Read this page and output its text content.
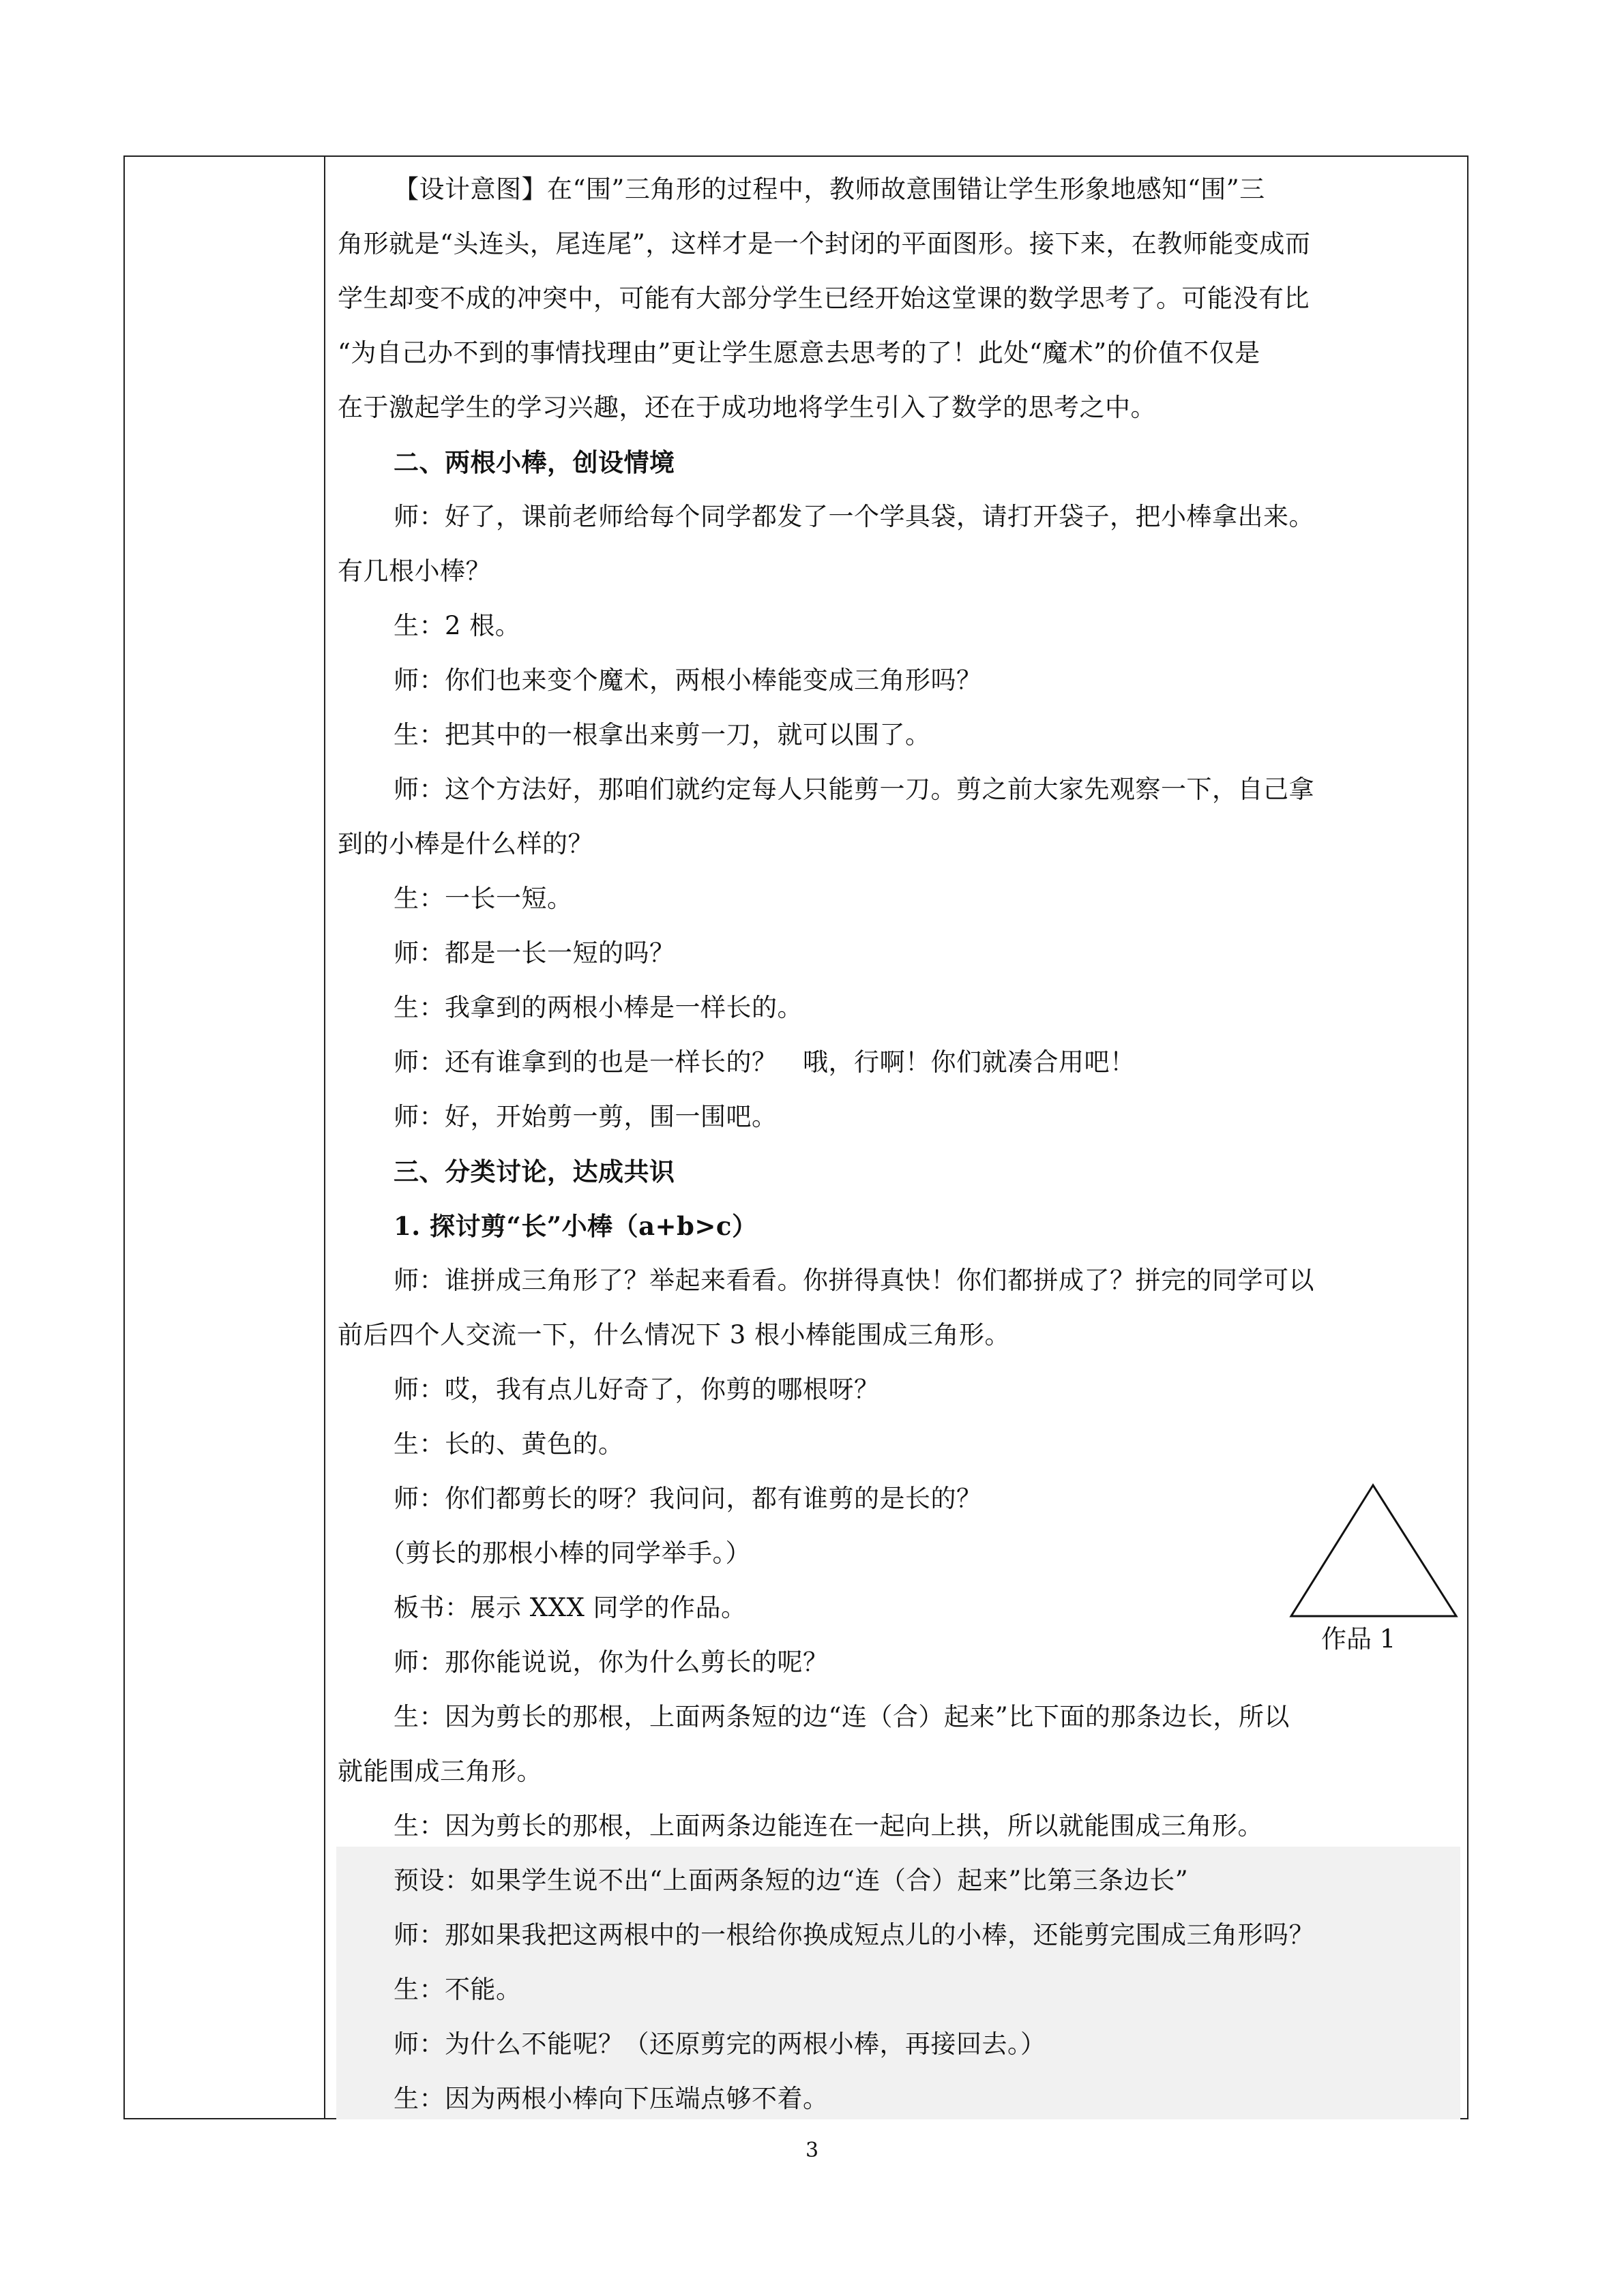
【设计意图】在“围”三角形的过程中，教师故意围错让学生形象地感知“围”三
角形就是“头连头，尾连尾”，这样才是一个封闭的平面图形。接下来，在教师能变成而
学生却变不成的冲突中，可能有大部分学生已经开始这堂课的数学思考了。可能没有比
“为自己办不到的事情找理由”更让学生愿意去思考的了！此处“魔术”的价值不仅是
在于激起学生的学习兴趣，还在于成功地将学生引入了数学的思考之中。
二、两根小棒，创设情境
师：好了，课前老师给每个同学都发了一个学具袋，请打开袋子，把小棒拿出来。
有几根小棒？
生：2 根。
师：你们也来变个魔术，两根小棒能变成三角形吗？
生：把其中的一根拿出来剪一刀，就可以围了。
师：这个方法好，那咱们就约定每人只能剪一刀。剪之前大家先观察一下，自己拿
到的小棒是什么样的？
生：一长一短。
师：都是一长一短的吗？
生：我拿到的两根小棒是一样长的。
师：还有谁拿到的也是一样长的？　哦，行啊！你们就凑合用吧！
师：好，开始剪一剪，围一围吧。
三、分类讨论，达成共识
1. 探讨剪“长”小棒（a+b>c）
师：谁拼成三角形了？举起来看看。你拼得真快！你们都拼成了？拼完的同学可以
前后四个人交流一下，什么情况下 3 根小棒能围成三角形。
师：哎，我有点儿好奇了，你剪的哪根呀？
生：长的、黄色的。
师：你们都剪长的呀？我问问，都有谁剪的是长的？
（剪长的那根小棒的同学举手。）
板书：展示 XXX 同学的作品。
师：那你能说说，你为什么剪长的呢？
生：因为剪长的那根，上面两条短的边“连（合）起来”比下面的那条边长，所以
就能围成三角形。
生：因为剪长的那根，上面两条边能连在一起向上拱，所以就能围成三角形。
预设：如果学生说不出“上面两条短的边“连（合）起来”比第三条边长”
师：那如果我把这两根中的一根给你换成短点儿的小棒，还能剪完围成三角形吗？
生：不能。
师：为什么不能呢？（还原剪完的两根小棒，再接回去。）
生：因为两根小棒向下压端点够不着。
作品 1
3
